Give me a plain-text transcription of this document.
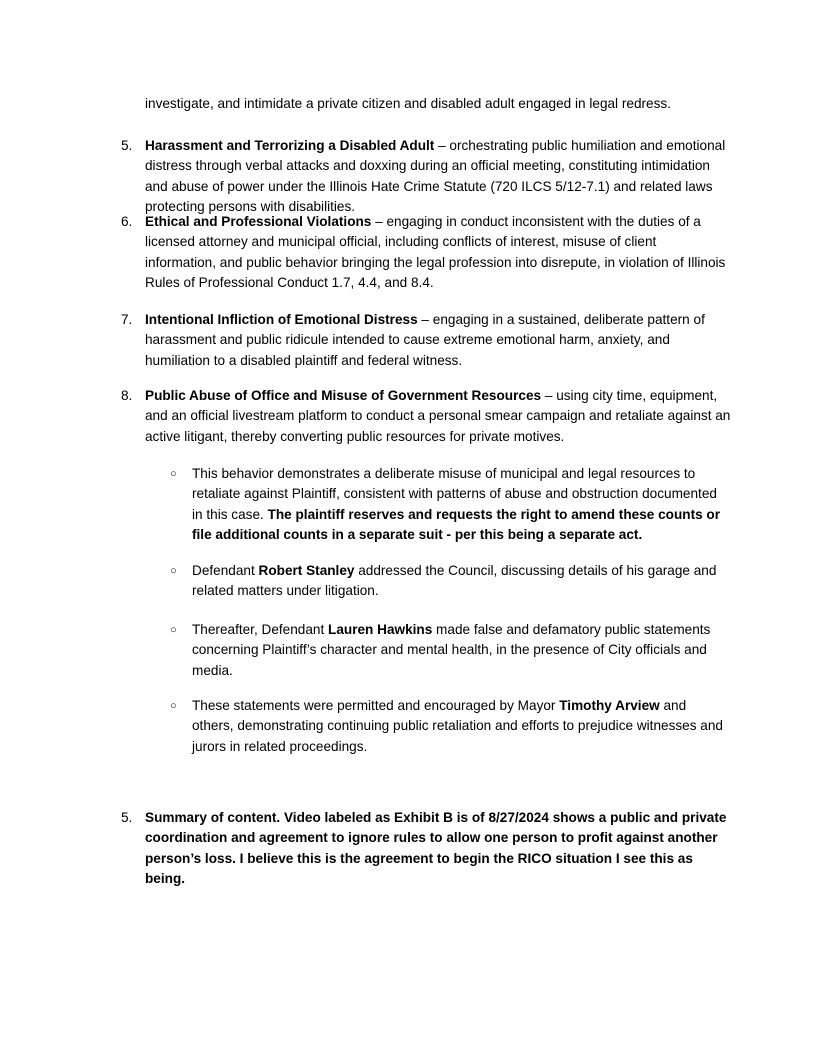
investigate, and intimidate a private citizen and disabled adult engaged in legal redress.

5. Harassment and Terrorizing a Disabled Adult – orchestrating public humiliation and emotional distress through verbal attacks and doxxing during an official meeting, constituting intimidation and abuse of power under the Illinois Hate Crime Statute (720 ILCS 5/12-7.1) and related laws protecting persons with disabilities.
6. Ethical and Professional Violations – engaging in conduct inconsistent with the duties of a licensed attorney and municipal official, including conflicts of interest, misuse of client information, and public behavior bringing the legal profession into disrepute, in violation of Illinois Rules of Professional Conduct 1.7, 4.4, and 8.4.
7. Intentional Infliction of Emotional Distress – engaging in a sustained, deliberate pattern of harassment and public ridicule intended to cause extreme emotional harm, anxiety, and humiliation to a disabled plaintiff and federal witness.
8. Public Abuse of Office and Misuse of Government Resources – using city time, equipment, and an official livestream platform to conduct a personal smear campaign and retaliate against an active litigant, thereby converting public resources for private motives.
○ This behavior demonstrates a deliberate misuse of municipal and legal resources to retaliate against Plaintiff, consistent with patterns of abuse and obstruction documented in this case. The plaintiff reserves and requests the right to amend these counts or file additional counts in a separate suit - per this being a separate act.
○ Defendant Robert Stanley addressed the Council, discussing details of his garage and related matters under litigation.
○ Thereafter, Defendant Lauren Hawkins made false and defamatory public statements concerning Plaintiff’s character and mental health, in the presence of City officials and media.
○ These statements were permitted and encouraged by Mayor Timothy Arview and others, demonstrating continuing public retaliation and efforts to prejudice witnesses and jurors in related proceedings.
5. Summary of content. Video labeled as Exhibit B is of 8/27/2024 shows a public and private coordination and agreement to ignore rules to allow one person to profit against another person’s loss. I believe this is the agreement to begin the RICO situation I see this as being.
